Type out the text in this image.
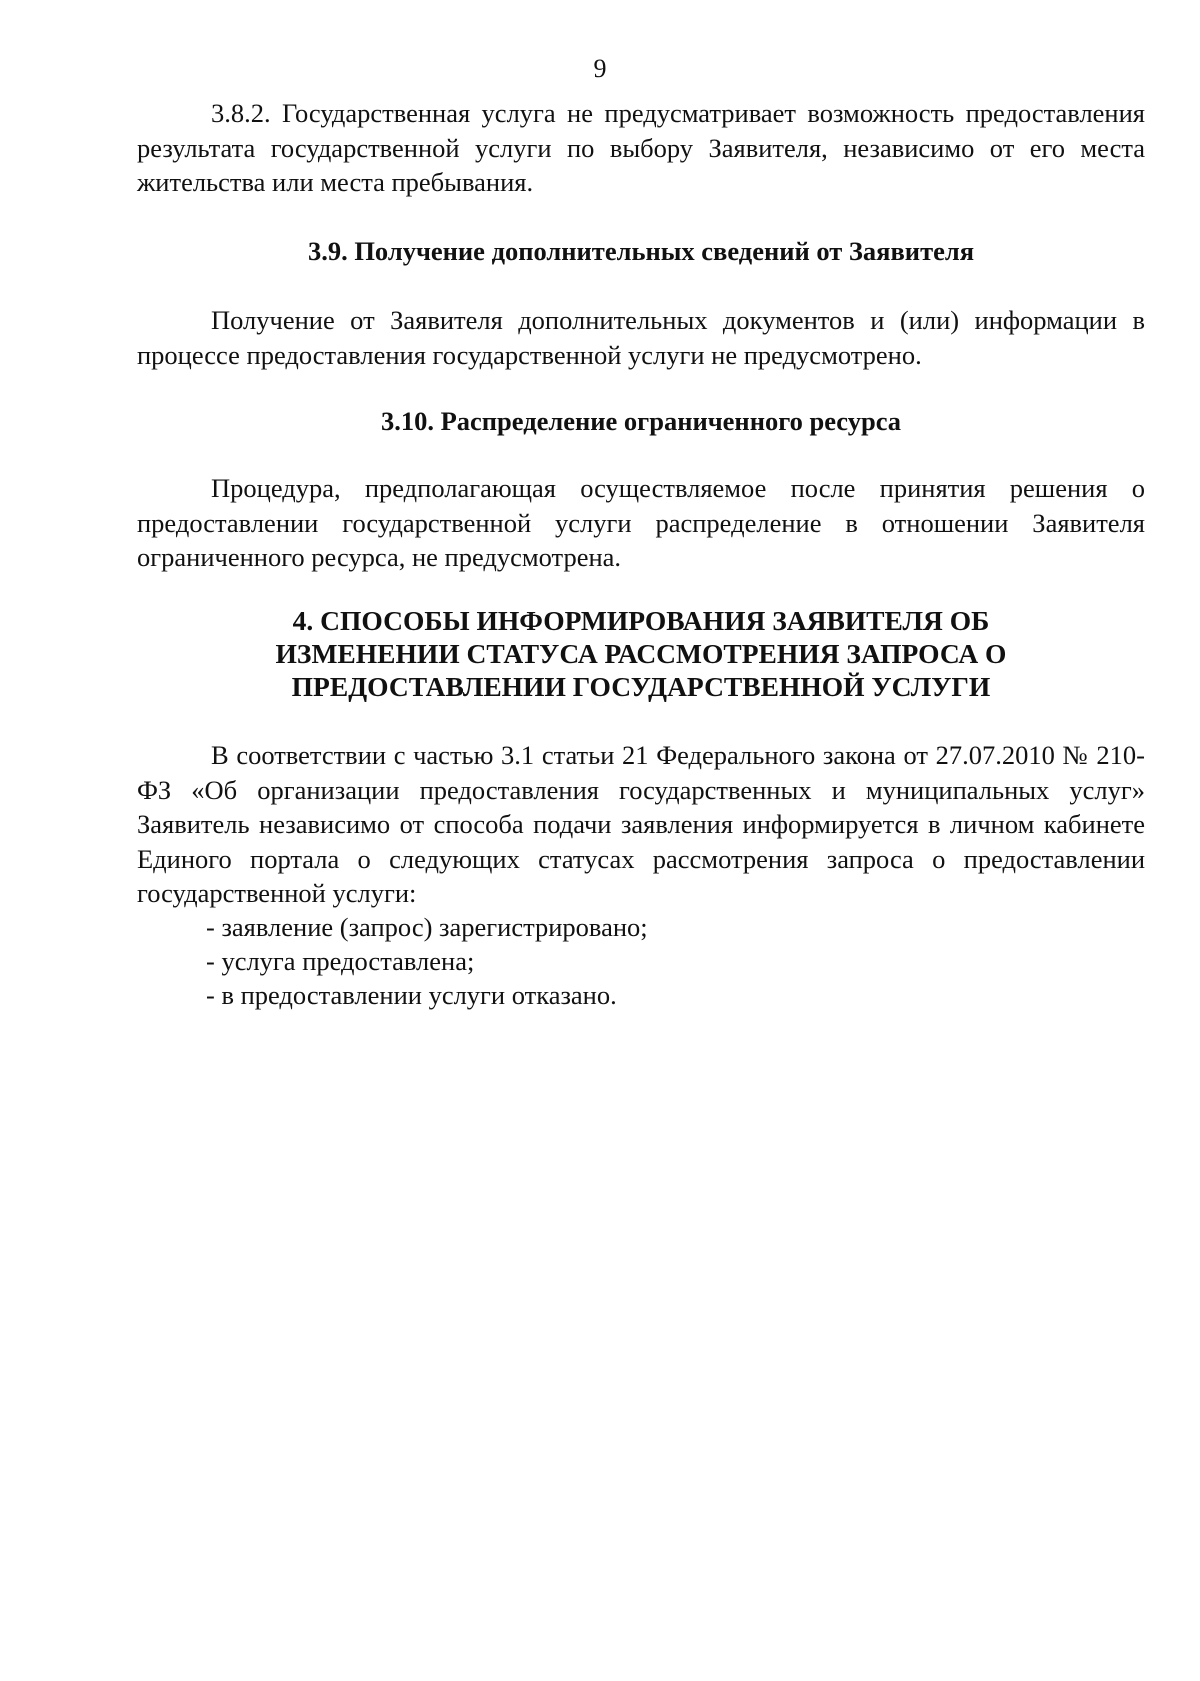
9

3.8.2. Государственная услуга не предусматривает возможность предоставления результата государственной услуги по выбору Заявителя, независимо от его места жительства или места пребывания.

3.9. Получение дополнительных сведений от Заявителя

Получение от Заявителя дополнительных документов и (или) информации в процессе предоставления государственной услуги не предусмотрено.

3.10. Распределение ограниченного ресурса

Процедура, предполагающая осуществляемое после принятия решения о предоставлении государственной услуги распределение в отношении Заявителя ограниченного ресурса, не предусмотрена.

4. СПОСОБЫ ИНФОРМИРОВАНИЯ ЗАЯВИТЕЛЯ ОБ
ИЗМЕНЕНИИ СТАТУСА РАССМОТРЕНИЯ ЗАПРОСА О
ПРЕДОСТАВЛЕНИИ ГОСУДАРСТВЕННОЙ УСЛУГИ

В соответствии с частью 3.1 статьи 21 Федерального закона от 27.07.2010 № 210-ФЗ «Об организации предоставления государственных и муниципальных услуг» Заявитель независимо от способа подачи заявления информируется в личном кабинете Единого портала о следующих статусах рассмотрения запроса о предоставлении государственной услуги:

- заявление (запрос) зарегистрировано;
- услуга предоставлена;
- в предоставлении услуги отказано.
